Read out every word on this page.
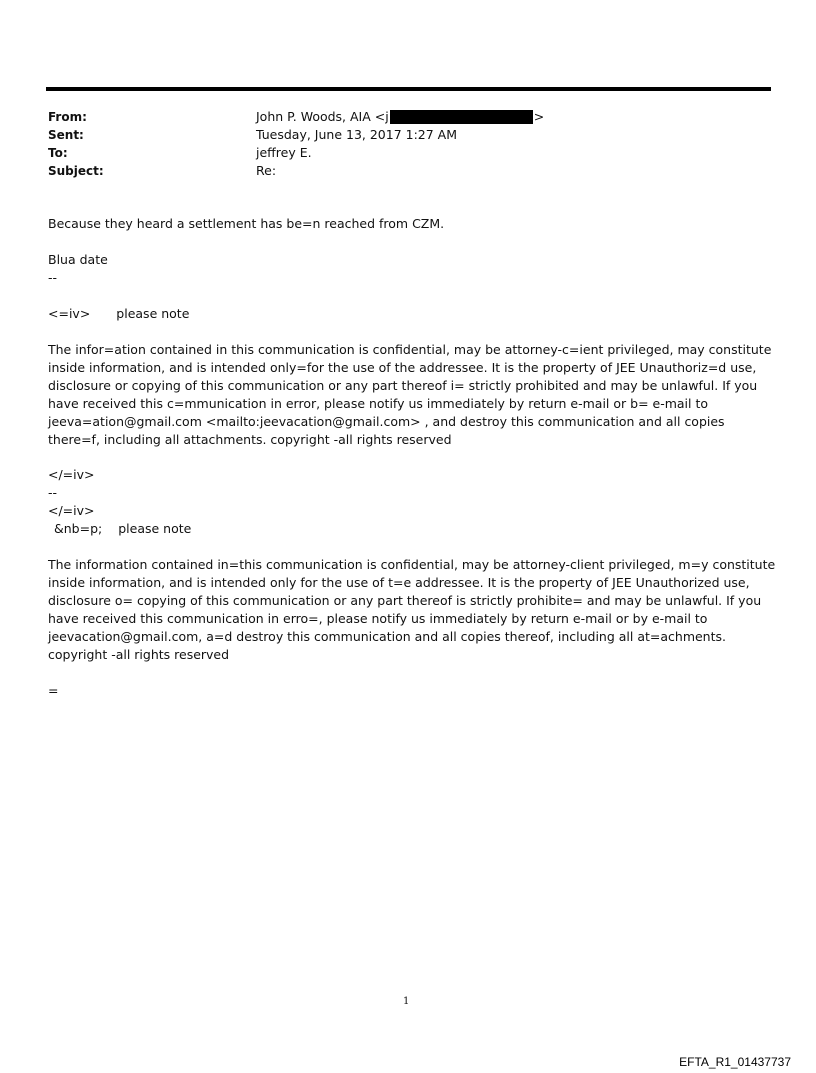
From:	John P. Woods, AIA <j	>
Sent:	Tuesday, June 13, 2017 1:27 AM
To:	jeffrey E.
Subject:	Re:
Because they heard a settlement has be=n reached from CZM.
Blua date
--
<=iv> please note
The infor=ation contained in this communication is confidential, may be attorney-c=ient privileged, may constitute inside information, and is intended only=for the use of the addressee. It is the property of JEE Unauthoriz=d use, disclosure or copying of this communication or any part thereof i= strictly prohibited and may be unlawful. If you have received this c=mmunication in error, please notify us immediately by return e-mail or b= e-mail to jeeva=ation@gmail.com <mailto:jeevacation@gmail.com> , and destroy this communication and all copies there=f, including all attachments. copyright -all rights reserved
</=iv>
--
</=iv>
&nb=p; please note
The information contained in=this communication is confidential, may be attorney-client privileged, m=y constitute inside information, and is intended only for the use of t=e addressee. It is the property of JEE Unauthorized use, disclosure o= copying of this communication or any part thereof is strictly prohibite= and may be unlawful. If you have received this communication in erro=, please notify us immediately by return e-mail or by e-mail to jeevacation@gmail.com, a=d destroy this communication and all copies thereof, including all at=achments. copyright -all rights reserved
=
1
EFTA_R1_01437737
